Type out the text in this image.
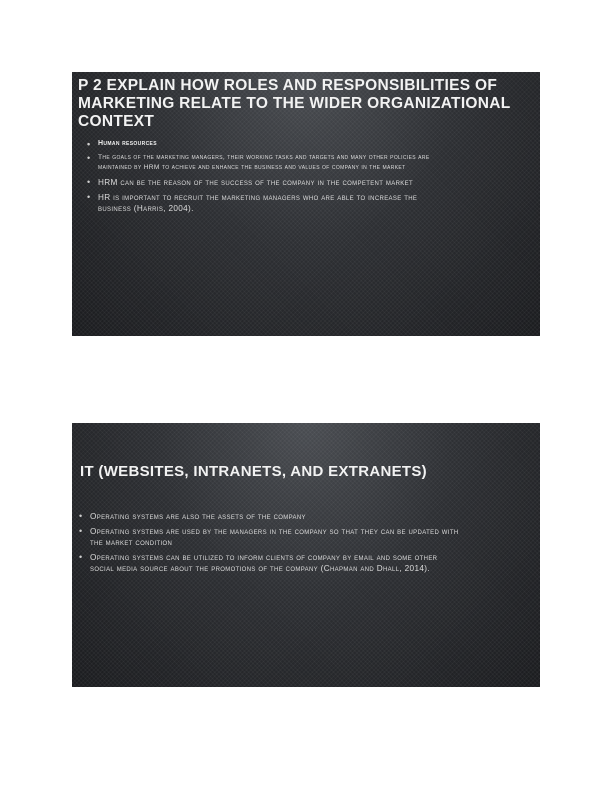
P 2 EXPLAIN HOW ROLES AND RESPONSIBILITIES OF MARKETING RELATE TO THE WIDER ORGANIZATIONAL CONTEXT
• Human resources
• The goals of the marketing managers, their working tasks and targets and many other policies are maintained by HRM to achieve and enhance the business and values of company in the market
• HRM can be the reason of the success of the company in the competent market
• HR is important to recruit the marketing managers who are able to increase the business (Harris, 2004).
IT (WEBSITES, INTRANETS, AND EXTRANETS)
• Operating systems are also the assets of the company
• Operating systems are used by the managers in the company so that they can be updated with the market condition
• Operating systems can be utilized to inform clients of company by email and some other social media source about the promotions of the company (Chapman and Dhall, 2014).
